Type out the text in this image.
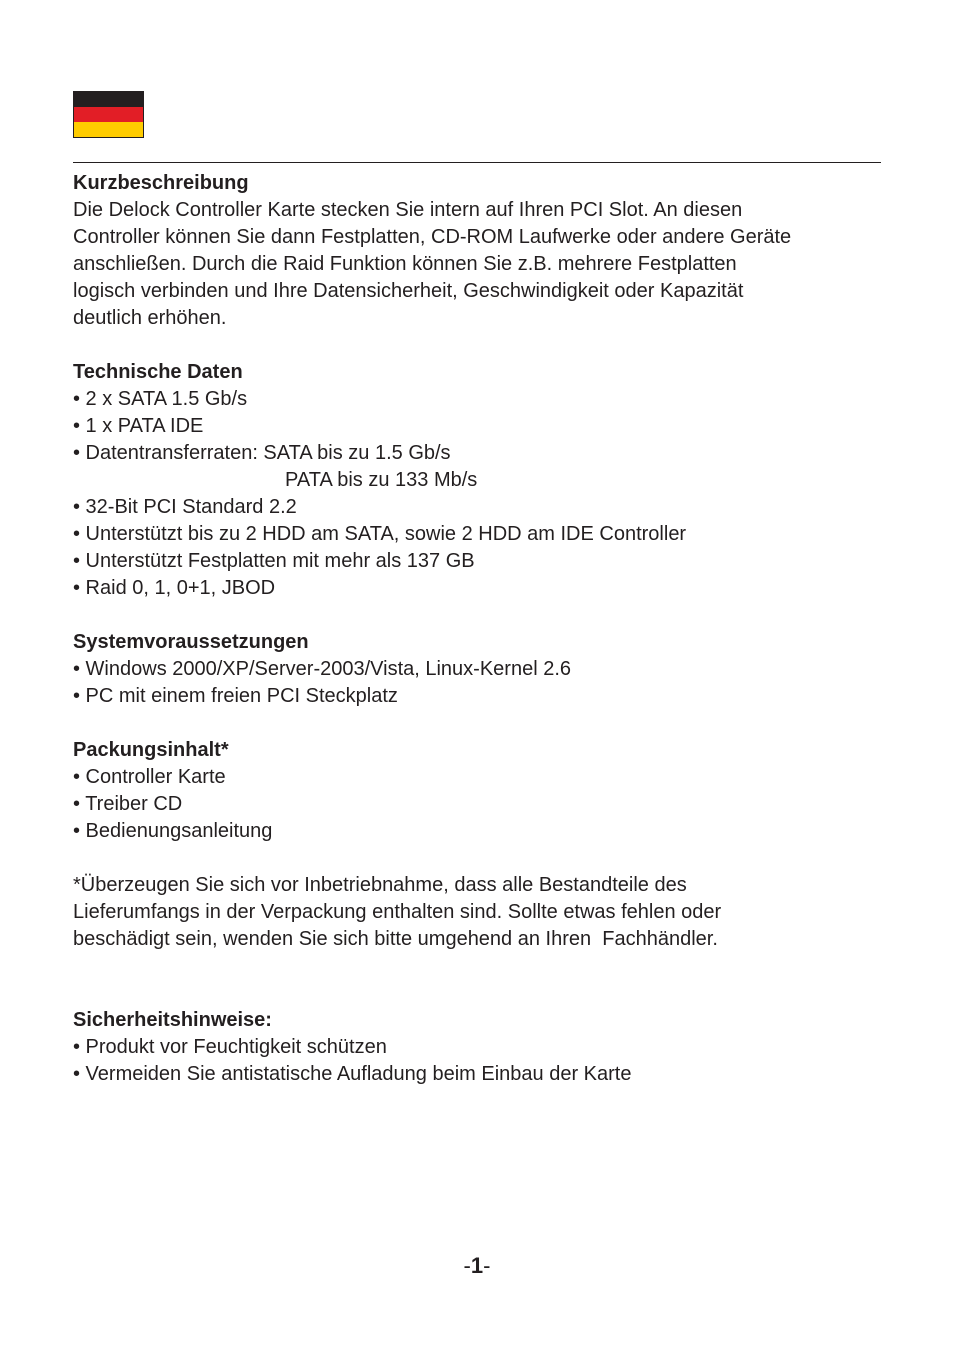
Kurzbeschreibung

Die Delock Controller Karte stecken Sie intern auf Ihren PCI Slot. An diesen

Controller können Sie dann Festplatten, CD-ROM Laufwerke oder andere Geräte

anschließen. Durch die Raid Funktion können Sie z.B. mehrere Festplatten

logisch verbinden und Ihre Datensicherheit, Geschwindigkeit oder Kapazität

deutlich erhöhen.

Technische Daten

• 2 x SATA 1.5 Gb/s

• 1 x PATA IDE

• Datentransferraten: SATA bis zu 1.5 Gb/s

PATA bis zu 133 Mb/s

• 32-Bit PCI Standard 2.2

• Unterstützt bis zu 2 HDD am SATA, sowie 2 HDD am IDE Controller

• Unterstützt Festplatten mit mehr als 137 GB

• Raid 0, 1, 0+1, JBOD

Systemvoraussetzungen

• Windows 2000/XP/Server-2003/Vista, Linux-Kernel 2.6

• PC mit einem freien PCI Steckplatz

Packungsinhalt*

• Controller Karte

• Treiber CD

• Bedienungsanleitung

*Überzeugen Sie sich vor Inbetriebnahme, dass alle Bestandteile des

Lieferumfangs in der Verpackung enthalten sind. Sollte etwas fehlen oder

beschädigt sein, wenden Sie sich bitte umgehend an Ihren  Fachhändler.

Sicherheitshinweise:

• Produkt vor Feuchtigkeit schützen

• Vermeiden Sie antistatische Aufladung beim Einbau der Karte

-1-
